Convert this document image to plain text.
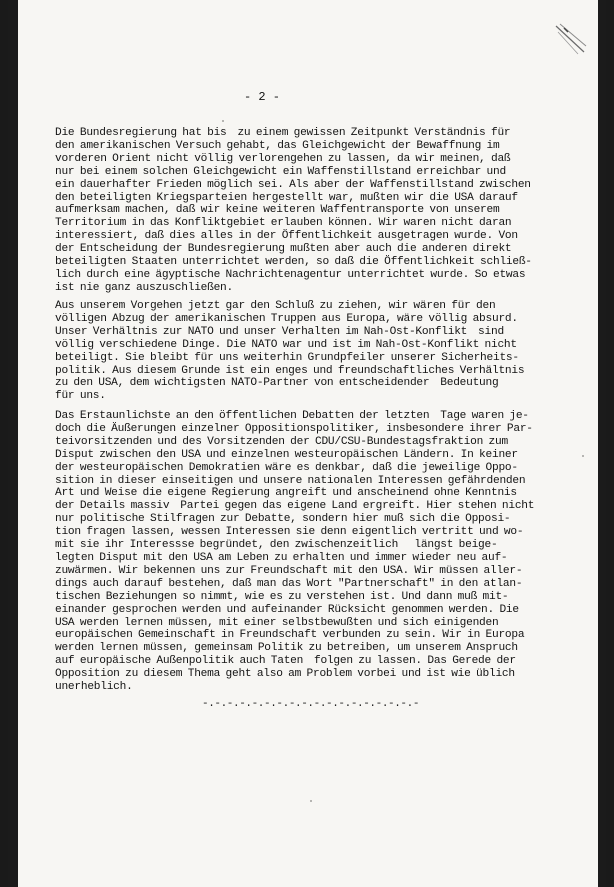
- 2 -
Die Bundesregierung hat bis  zu einem gewissen Zeitpunkt Verständnis für
den amerikanischen Versuch gehabt, das Gleichgewicht der Bewaffnung im
vorderen Orient nicht völlig verlorengehen zu lassen, da wir meinen, daß
nur bei einem solchen Gleichgewicht ein Waffenstillstand erreichbar und
ein dauerhafter Frieden möglich sei. Als aber der Waffenstillstand zwischen
den beteiligten Kriegsparteien hergestellt war, mußten wir die USA darauf
aufmerksam machen, daß wir keine weiteren Waffentransporte von unserem
Territorium in das Konfliktgebiet erlauben können. Wir waren nicht daran
interessiert, daß dies alles in der Öffentlichkeit ausgetragen wurde. Von
der Entscheidung der Bundesregierung mußten aber auch die anderen direkt
beteiligten Staaten unterrichtet werden, so daß die Öffentlichkeit schließ-
lich durch eine ägyptische Nachrichtenagentur unterrichtet wurde. So etwas
ist nie ganz auszuschließen.
Aus unserem Vorgehen jetzt gar den Schluß zu ziehen, wir wären für den
völligen Abzug der amerikanischen Truppen aus Europa, wäre völlig absurd.
Unser Verhältnis zur NATO und unser Verhalten im Nah-Ost-Konflikt  sind
völlig verschiedene Dinge. Die NATO war und ist im Nah-Ost-Konflikt nicht
beteiligt. Sie bleibt für uns weiterhin Grundpfeiler unserer Sicherheits-
politik. Aus diesem Grunde ist ein enges und freundschaftliches Verhältnis
zu den USA, dem wichtigsten NATO-Partner von entscheidender  Bedeutung
für uns.
Das Erstaunlichste an den öffentlichen Debatten der letzten  Tage waren je-
doch die Äußerungen einzelner Oppositionspolitiker, insbesondere ihrer Par-
teivorsitzenden und des Vorsitzenden der CDU/CSU-Bundestagsfraktion zum
Disput zwischen den USA und einzelnen westeuropäischen Ländern. In keiner
der westeuropäischen Demokratien wäre es denkbar, daß die jeweilige Oppo-
sition in dieser einseitigen und unsere nationalen Interessen gefährdenden
Art und Weise die eigene Regierung angreift und anscheinend ohne Kenntnis
der Details massiv  Partei gegen das eigene Land ergreift. Hier stehen nicht
nur politische Stilfragen zur Debatte, sondern hier muß sich die Opposi-
tion fragen lassen, wessen Interessen sie denn eigentlich vertritt und wo-
mit sie ihr Interessse begründet, den zwischenzeitlich   längst beige-
legten Disput mit den USA am Leben zu erhalten und immer wieder neu auf-
zuwärmen. Wir bekennen uns zur Freundschaft mit den USA. Wir müssen aller-
dings auch darauf bestehen, daß man das Wort "Partnerschaft" in den atlan-
tischen Beziehungen so nimmt, wie es zu verstehen ist. Und dann muß mit-
einander gesprochen werden und aufeinander Rücksicht genommen werden. Die
USA werden lernen müssen, mit einer selbstbewußten und sich einigenden
europäischen Gemeinschaft in Freundschaft verbunden zu sein. Wir in Europa
werden lernen müssen, gemeinsam Politik zu betreiben, um unserem Anspruch
auf europäische Außenpolitik auch Taten  folgen zu lassen. Das Gerede der
Opposition zu diesem Thema geht also am Problem vorbei und ist wie üblich
unerheblich.
-.-.-.-.-.-.-.-.-.-.-.-.-.-.-.-.-.-
